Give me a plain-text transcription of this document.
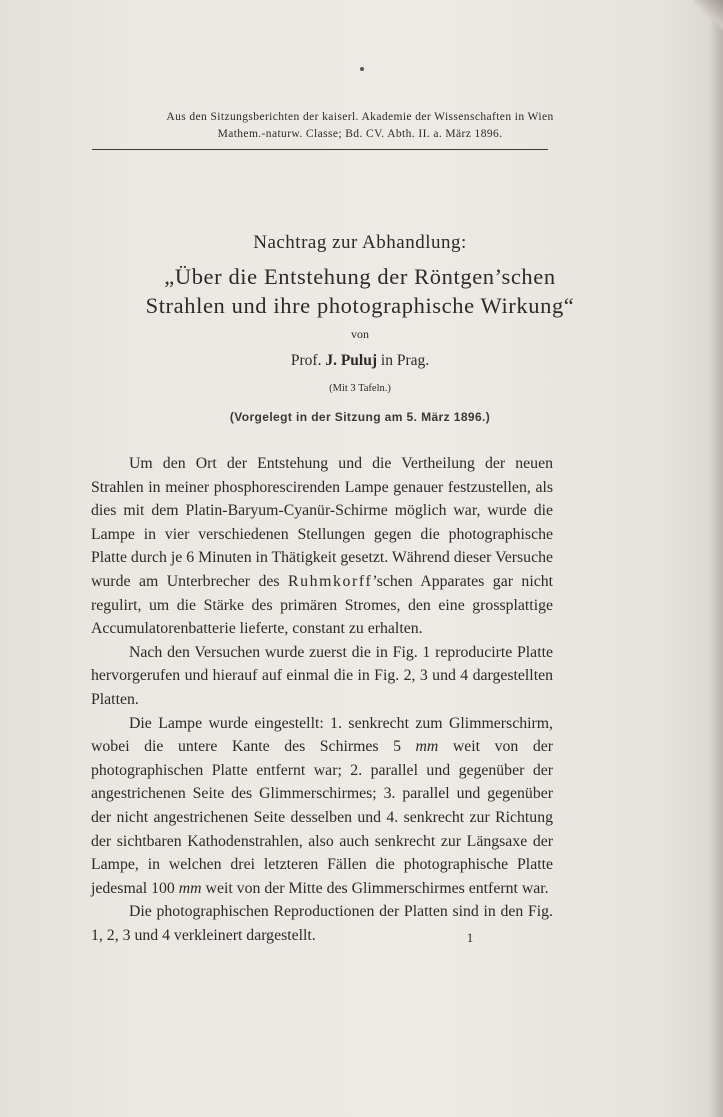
Aus den Sitzungsberichten der kaiserl. Akademie der Wissenschaften in Wien
Mathem.-naturw. Classe; Bd. CV. Abth. II. a. März 1896.
Nachtrag zur Abhandlung:
„Über die Entstehung der Röntgen’schen
Strahlen und ihre photographische Wirkung“
von
Prof. J. Puluj in Prag.
(Mit 3 Tafeln.)
(Vorgelegt in der Sitzung am 5. März 1896.)

Um den Ort der Entstehung und die Vertheilung der neuen Strahlen in meiner phosphorescirenden Lampe genauer festzustellen, als dies mit dem Platin-Baryum-Cyanür-Schirme möglich war, wurde die Lampe in vier verschiedenen Stellungen gegen die photographische Platte durch je 6 Minuten in Thätigkeit gesetzt. Während dieser Versuche wurde am Unterbrecher des Ruhmkorff’schen Apparates gar nicht regulirt, um die Stärke des primären Stromes, den eine grossplattige Accumulatorenbatterie lieferte, constant zu erhalten.

Nach den Versuchen wurde zuerst die in Fig. 1 reproducirte Platte hervorgerufen und hierauf auf einmal die in Fig. 2, 3 und 4 dargestellten Platten.

Die Lampe wurde eingestellt: 1. senkrecht zum Glimmerschirm, wobei die untere Kante des Schirmes 5 mm weit von der photographischen Platte entfernt war; 2. parallel und gegenüber der angestrichenen Seite des Glimmerschirmes; 3. parallel und gegenüber der nicht angestrichenen Seite desselben und 4. senkrecht zur Richtung der sichtbaren Kathodenstrahlen, also auch senkrecht zur Längsaxe der Lampe, in welchen drei letzteren Fällen die photographische Platte jedesmal 100 mm weit von der Mitte des Glimmerschirmes entfernt war.

Die photographischen Reproductionen der Platten sind in den Fig. 1, 2, 3 und 4 verkleinert dargestellt.	1
